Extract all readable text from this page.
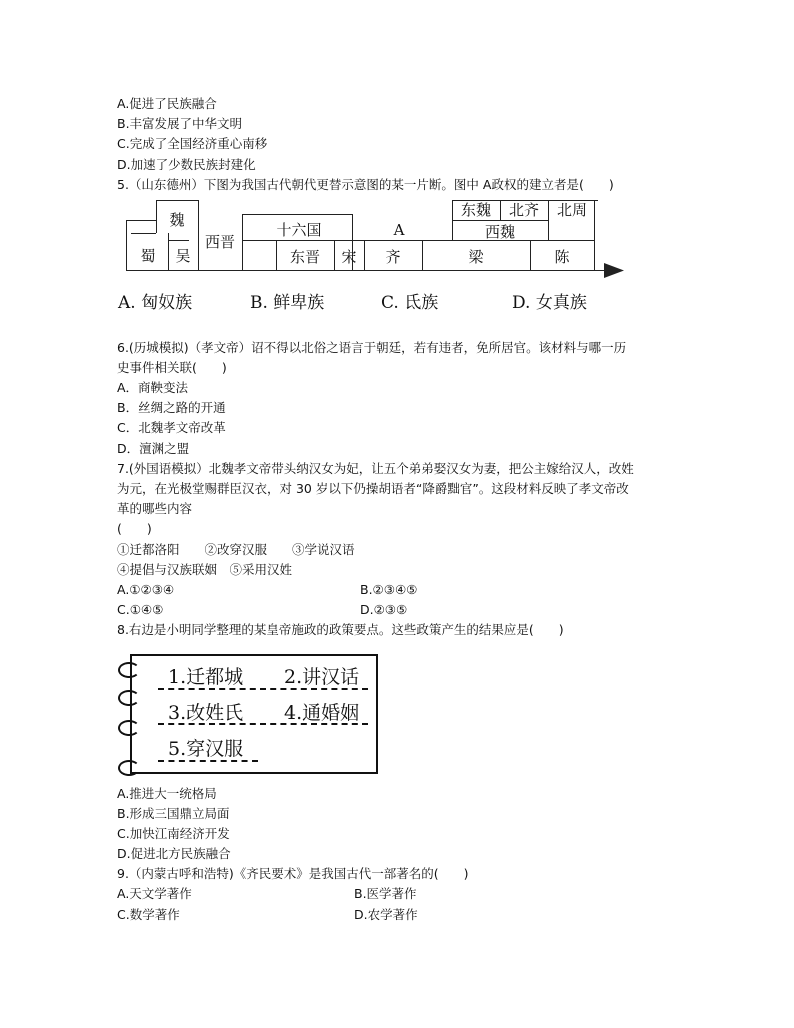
A.促进了民族融合
B.丰富发展了中华文明
C.完成了全国经济重心南移
D.加速了少数民族封建化
5.（山东德州）下图为我国古代朝代更替示意图的某一片断。图中 A政权的建立者是(　　)
魏
蜀	吴
西晋
十六国	A
东晋	宋	齐
东魏	北齐	北周
西魏
梁	陈
A. 匈奴族	B. 鲜卑族	C. 氐族	D. 女真族
6.(历城模拟)（孝文帝）诏不得以北俗之语言于朝廷，若有违者，免所居官。该材料与哪一历
史事件相关联(　　)
A．商鞅变法
B．丝绸之路的开通
C．北魏孝文帝改革
D．澶渊之盟
7.(外国语模拟）北魏孝文帝带头纳汉女为妃，让五个弟弟娶汉女为妻，把公主嫁给汉人，改姓
为元，在光极堂赐群臣汉衣，对 30 岁以下仍操胡语者“降爵黜官”。这段材料反映了孝文帝改
革的哪些内容
(　　)
①迁都洛阳　　②改穿汉服　　③学说汉语
④提倡与汉族联姻　⑤采用汉姓
A.①②③④	B.②③④⑤
C.①④⑤	D.②③⑤
8.右边是小明同学整理的某皇帝施政的政策要点。这些政策产生的结果应是(　　)
1.迁都城 2.讲汉话
3.改姓氏 4.通婚姻
5.穿汉服
A.推进大一统格局
B.形成三国鼎立局面
C.加快江南经济开发
D.促进北方民族融合
9.（内蒙古呼和浩特)《齐民要术》是我国古代一部著名的(　　)
A.天文学著作	B.医学著作
C.数学著作	D.农学著作
